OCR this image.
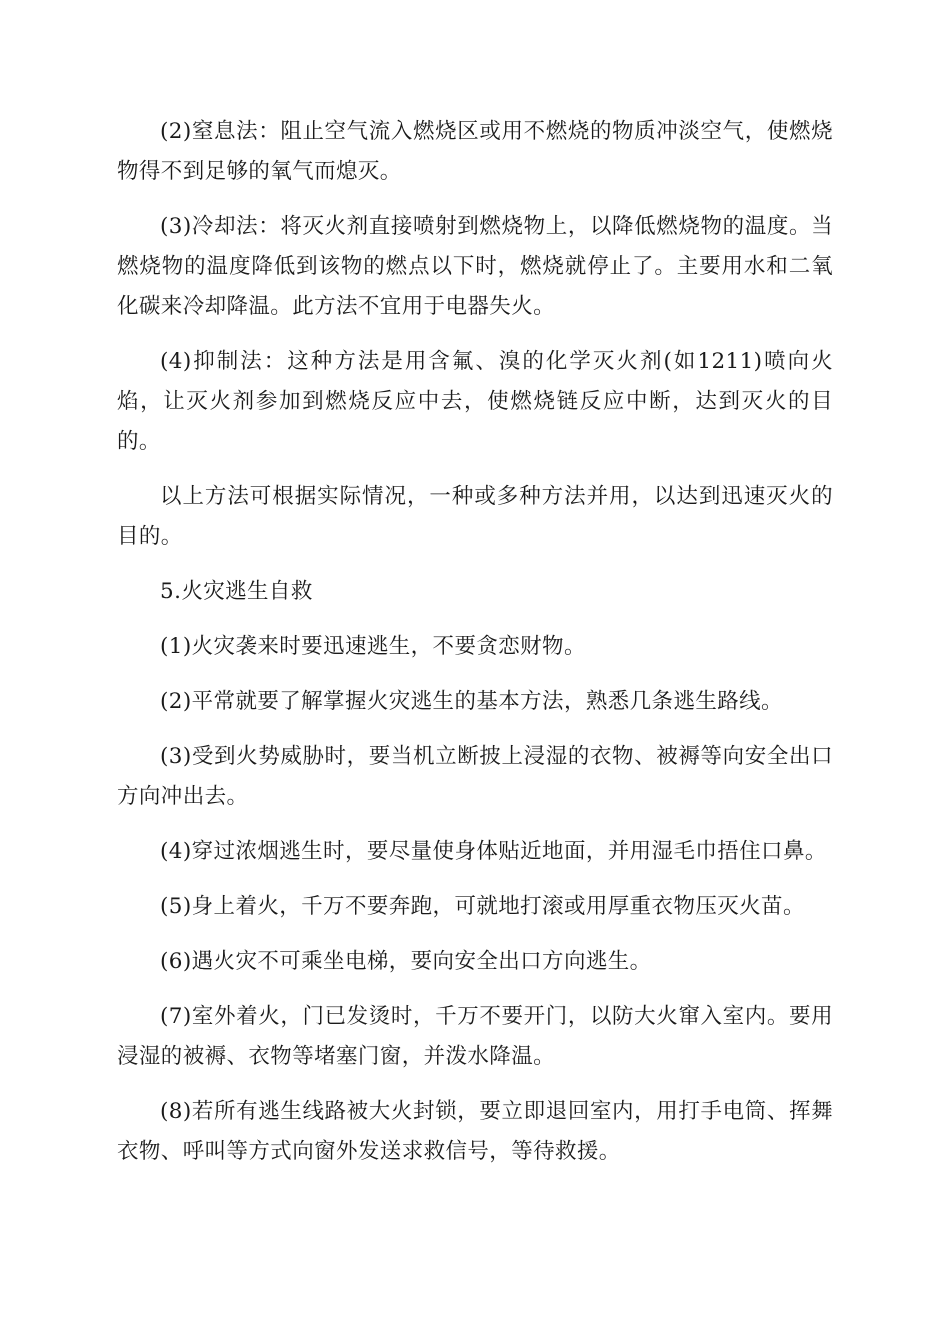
(2)窒息法：阻止空气流入燃烧区或用不燃烧的物质冲淡空气，使燃烧物得不到足够的氧气而熄灭。

(3)冷却法：将灭火剂直接喷射到燃烧物上，以降低燃烧物的温度。当燃烧物的温度降低到该物的燃点以下时，燃烧就停止了。主要用水和二氧化碳来冷却降温。此方法不宜用于电器失火。

(4)抑制法：这种方法是用含氟、溴的化学灭火剂(如1211)喷向火焰，让灭火剂参加到燃烧反应中去，使燃烧链反应中断，达到灭火的目的。

以上方法可根据实际情况，一种或多种方法并用，以达到迅速灭火的目的。

5.火灾逃生自救

(1)火灾袭来时要迅速逃生，不要贪恋财物。

(2)平常就要了解掌握火灾逃生的基本方法，熟悉几条逃生路线。

(3)受到火势威胁时，要当机立断披上浸湿的衣物、被褥等向安全出口方向冲出去。

(4)穿过浓烟逃生时，要尽量使身体贴近地面，并用湿毛巾捂住口鼻。

(5)身上着火，千万不要奔跑，可就地打滚或用厚重衣物压灭火苗。

(6)遇火灾不可乘坐电梯，要向安全出口方向逃生。

(7)室外着火，门已发烫时，千万不要开门，以防大火窜入室内。要用浸湿的被褥、衣物等堵塞门窗，并泼水降温。

(8)若所有逃生线路被大火封锁，要立即退回室内，用打手电筒、挥舞衣物、呼叫等方式向窗外发送求救信号，等待救援。
